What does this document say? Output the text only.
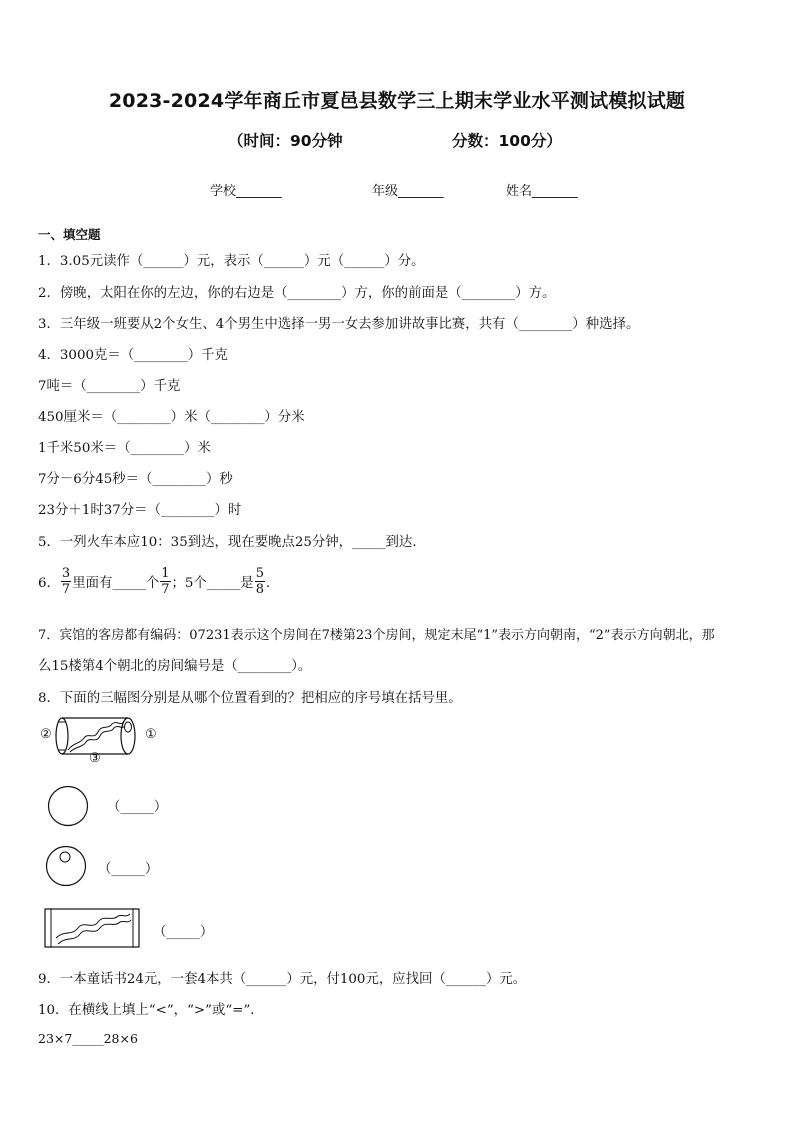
2023-2024学年商丘市夏邑县数学三上期末学业水平测试模拟试题
（时间：90分钟	分数：100分）
学校_______	年级_______	姓名_______
一、填空题
1．3.05元读作（______）元，表示（______）元（______）分。
2．傍晚，太阳在你的左边，你的右边是（________）方，你的前面是（________）方。
3．三年级一班要从2个女生、4个男生中选择一男一女去参加讲故事比赛，共有（________）种选择。
4．3000克＝（________）千克
7吨＝（________）千克
450厘米＝（________）米（________）分米
1千米50米＝（________）米
7分－6分45秒＝（________）秒
23分＋1时37分＝（________）时
5．一列火车本应10：35到达，现在要晚点25分钟，_____到达．
6． $\frac{3}{7}$ 里面有_____个 $\frac{1}{7}$ ；5个_____是 $\frac{5}{8}$ ．
7．宾馆的客房都有编码：07231表示这个房间在7楼第23个房间，规定末尾“1”表示方向朝南，“2”表示方向朝北，那
么15楼第4个朝北的房间编号是（________）。
8．下面的三幅图分别是从哪个位置看到的？把相应的序号填在括号里。
②	①
③
（_____）
（_____）
（_____）
9．一本童话书24元，一套4本共（______）元，付100元，应找回（______）元。
10．在横线上填上“<”，“>”或“=”．
23×7_____28×6
